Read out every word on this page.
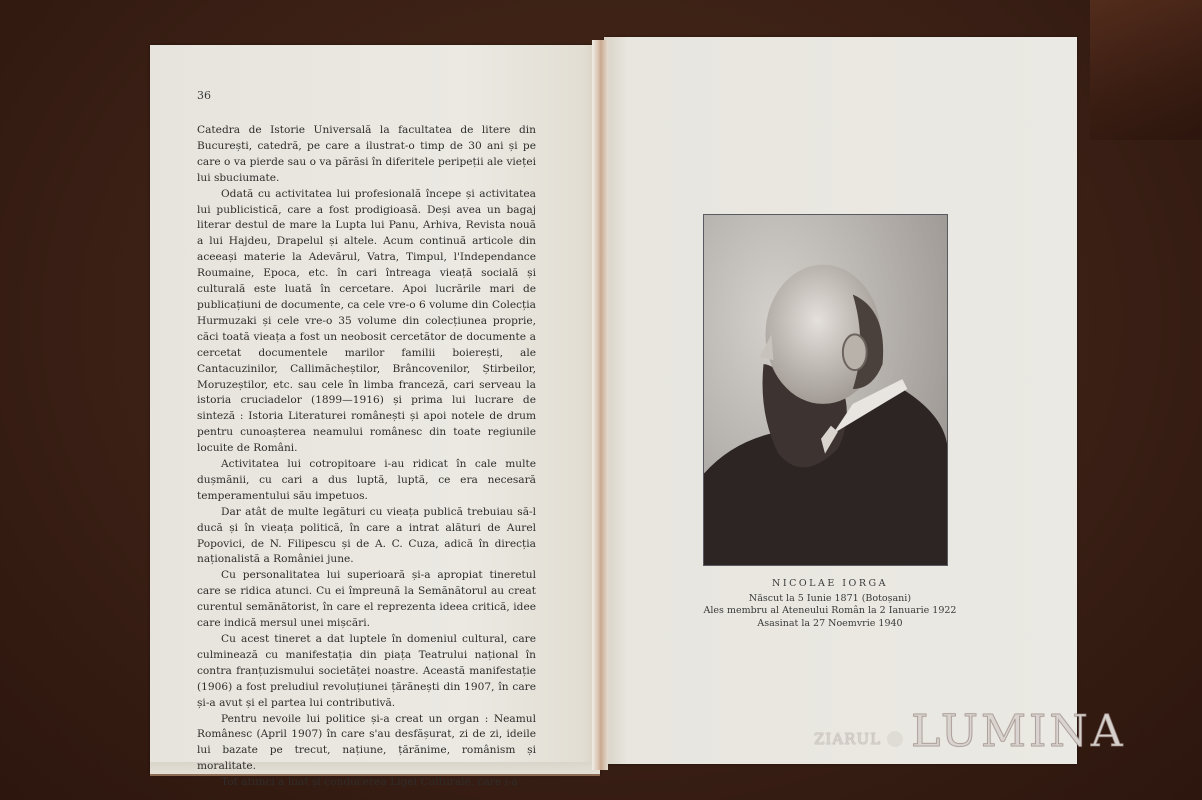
36

Catedra de Istorie Universală la facultatea de litere din București, catedră, pe care a ilustrat-o timp de 30 ani și pe care o va pierde sau o va părăsi în diferitele peripeții ale vieței lui sbuciumate.

Odată cu activitatea lui profesională începe și activitatea lui publicistică, care a fost prodigioasă. Deși avea un bagaj literar destul de mare la Lupta lui Panu, Arhiva, Revista nouă a lui Hajdeu, Drapelul și altele. Acum continuă articole din aceeași materie la Adevărul, Vatra, Timpul, l'Independance Roumaine, Epoca, etc. în cari întreaga vieață socială și culturală este luată în cercetare. Apoi lucrările mari de publicațiuni de documente, ca cele vre-o 6 volume din Colecția Hurmuzaki și cele vre-o 35 volume din colecțiunea proprie, căci toată vieața a fost un neobosit cercetător de documente a cercetat documentele marilor familii boierești, ale Cantacuzinilor, Callimăcheștilor, Brâncovenilor, Știrbeilor, Moruzeștilor, etc. sau cele în limba franceză, cari serveau la istoria cruciadelor (1899—1916) și prima lui lucrare de sinteză : Istoria Literaturei românești și apoi notele de drum pentru cunoașterea neamului românesc din toate regiunile locuite de Români.

Activitatea lui cotropitoare i-au ridicat în cale multe dușmănii, cu cari a dus luptă, luptă, ce era necesară temperamentului său impetuos.

Dar atât de multe legături cu vieața publică trebuiau să-l ducă și în vieața politică, în care a intrat alături de Aurel Popovici, de N. Filipescu și de A. C. Cuza, adică în direcția naționalistă a României june.

Cu personalitatea lui superioară și-a apropiat tineretul care se ridica atunci. Cu ei împreună la Semănătorul au creat curentul semănătorist, în care el reprezenta ideea critică, idee care indică mersul unei mișcări.

Cu acest tineret a dat luptele în domeniul cultural, care culminează cu manifestația din piața Teatrului național în contra franțuzismului societăței noastre. Această manifestație (1906) a fost preludiul revoluțiunei țărănești din 1907, în care și-a avut și el partea lui contributivă.

Pentru nevoile lui politice și-a creat un organ : Neamul Românesc (April 1907) în care s'au desfășurat, zi de zi, ideile lui bazate pe trecut, națiune, țărănime, românism și moralitate.

Tot atunci a luat și conducerea Ligei Culturale, care i-a

NICOLAE IORGA
Născut la 5 Iunie 1871 (Botoșani)
Ales membru al Ateneului Român la 2 Ianuarie 1922
Asasinat la 27 Noemvrie 1940
ZIARUL LUMINA
